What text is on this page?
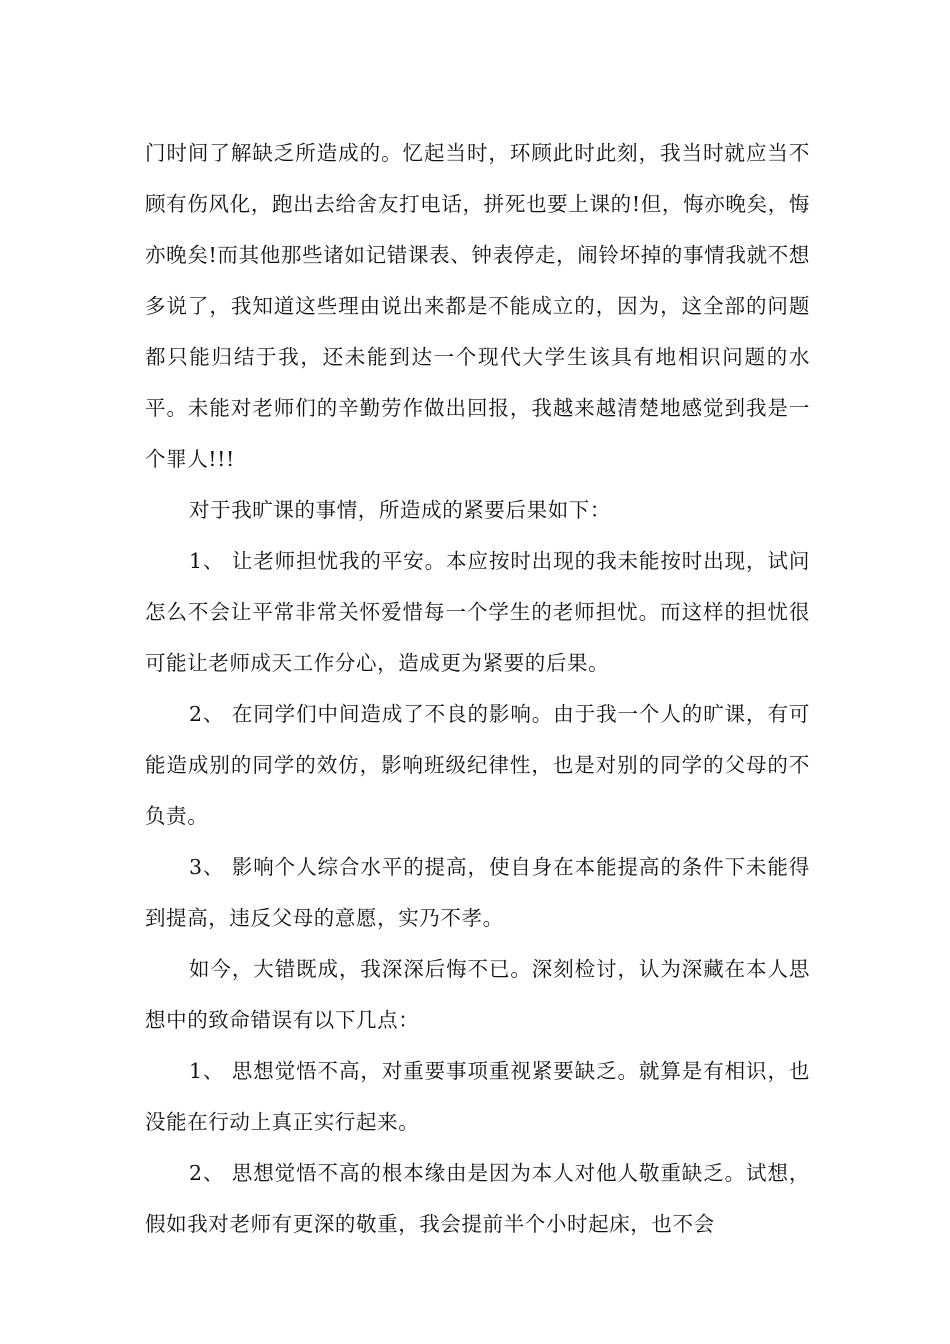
门时间了解缺乏所造成的。忆起当时，环顾此时此刻，我当时就应当不顾有伤风化，跑出去给舍友打电话，拼死也要上课的!但，悔亦晚矣，悔亦晚矣!而其他那些诸如记错课表、钟表停走，闹铃坏掉的事情我就不想多说了，我知道这些理由说出来都是不能成立的，因为，这全部的问题都只能归结于我，还未能到达一个现代大学生该具有地相识问题的水平。未能对老师们的辛勤劳作做出回报，我越来越清楚地感觉到我是一个罪人!!!

对于我旷课的事情，所造成的紧要后果如下：

1、 让老师担忧我的平安。本应按时出现的我未能按时出现，试问怎么不会让平常非常关怀爱惜每一个学生的老师担忧。而这样的担忧很可能让老师成天工作分心，造成更为紧要的后果。

2、 在同学们中间造成了不良的影响。由于我一个人的旷课，有可能造成别的同学的效仿，影响班级纪律性，也是对别的同学的父母的不负责。

3、 影响个人综合水平的提高，使自身在本能提高的条件下未能得到提高，违反父母的意愿，实乃不孝。

如今，大错既成，我深深后悔不已。深刻检讨，认为深藏在本人思想中的致命错误有以下几点：

1、 思想觉悟不高，对重要事项重视紧要缺乏。就算是有相识，也没能在行动上真正实行起来。

2、 思想觉悟不高的根本缘由是因为本人对他人敬重缺乏。试想，假如我对老师有更深的敬重，我会提前半个小时起床，也不会
